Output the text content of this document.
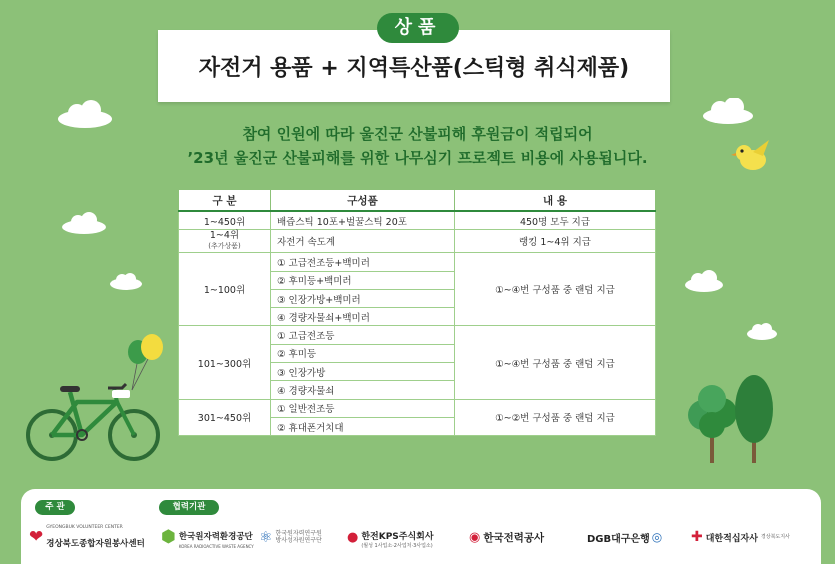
상품
자전거 용품 + 지역특산품(스틱형 취식제품)
참여 인원에 따라 울진군 산불피해 후원금이 적립되어
’23년 울진군 산불피해를 위한 나무심기 프로젝트 비용에 사용됩니다.
구 분	구성품	내 용
1~450위	배즙스틱 10포+벌꿀스틱 20포	450명 모두 지급
1~4위
(추가상품)	자전거 속도계	랭킹 1~4위 지급
1~100위	① 고급전조등+백미러	①~④번 구성품 중 랜덤 지급
	② 후미등+백미러	
	③ 인장가방+백미러	
	④ 경량자물쇠+백미러	
101~300위	① 고급전조등	①~④번 구성품 중 랜덤 지급
	② 후미등	
	③ 인장가방	
	④ 경량자물쇠	
301~450위	① 일반전조등	①~②번 구성품 중 랜덤 지급
	② 휴대폰거치대	
주 관	협력기관
❤ GYEONGBUK VOLUNTEER CENTER
경상북도종합자원봉사센터 ⬢ 한국원자력환경공단
KOREA RADIOACTIVE WASTE AGENCY
⚛ 한국원자력연구원
방사성자원연구단 ● 한전KPS주식회사
(월성 1사업소·2사업처·3사업소)
◉ 한국전력공사	DGB대구은행 ◎ ✚ 대한적십자사 경상북도지사
